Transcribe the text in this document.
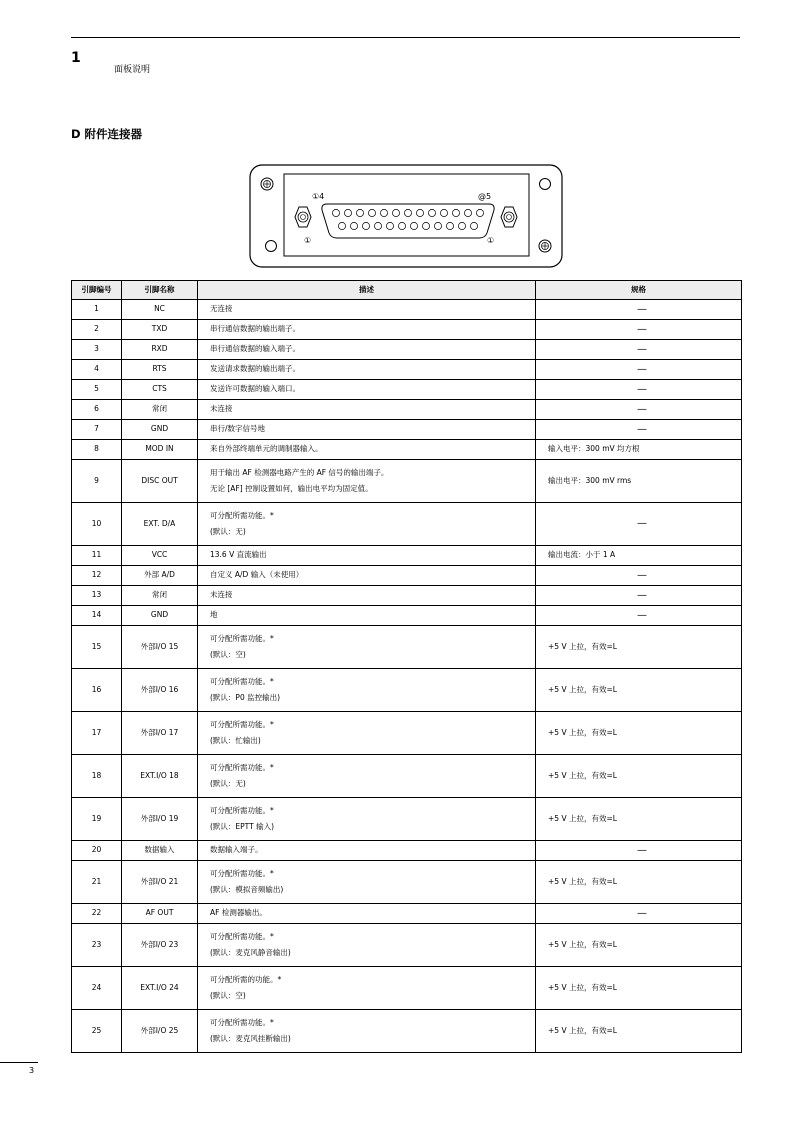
1
面板说明
D 附件连接器
①4	@5
①	①
引脚编号	引脚名称	描述	规格
1	NC	无连接	—

2	TXD	串行通信数据的输出端子。	—

3	RXD	串行通信数据的输入端子。	—

4	RTS	发送请求数据的输出端子。	—

5	CTS	发送许可数据的输入端口。	—

6	常闭	未连接	—

7	GND	串行/数字信号地	—

8	MOD IN	来自外部终端单元的调制器输入。	输入电平：300 mV 均方根
9	DISC OUT	用于输出 AF 检测器电路产生的 AF 信号的输出端子。
无论 [AF] 控制设置如何，输出电平均为固定值。	输出电平：300 mV rms
10	EXT. D/A	可分配所需功能。*
(默认：无)	—

11	VCC	13.6 V 直流输出	输出电流：小于 1 A
12	外部 A/D	自定义 A/D 输入（未使用）	—

13	常闭	未连接	—

14	GND	地	—

15	外部I/O 15	可分配所需功能。*
(默认：空)	+5 V 上拉，有效=L
16	外部I/O 16	可分配所需功能。*
(默认：P0 监控输出)	+5 V 上拉，有效=L
17	外部I/O 17	可分配所需功能。*
(默认：忙输出)	+5 V 上拉，有效=L
18	EXT.I/O 18	可分配所需功能。*
(默认：无)	+5 V 上拉，有效=L
19	外部I/O 19	可分配所需功能。*
(默认：EPTT 输入)	+5 V 上拉，有效=L
20	数据输入	数据输入端子。	—

21	外部I/O 21	可分配所需功能。*
(默认：模拟音频输出)	+5 V 上拉，有效=L
22	AF OUT	AF 检测器输出。	—

23	外部I/O 23	可分配所需功能。*
(默认：麦克风静音输出)	+5 V 上拉，有效=L
24	EXT.I/O 24	可分配所需的功能。*
(默认：空)	+5 V 上拉，有效=L
25	外部I/O 25	可分配所需功能。*
(默认：麦克风挂断输出)	+5 V 上拉，有效=L
3
